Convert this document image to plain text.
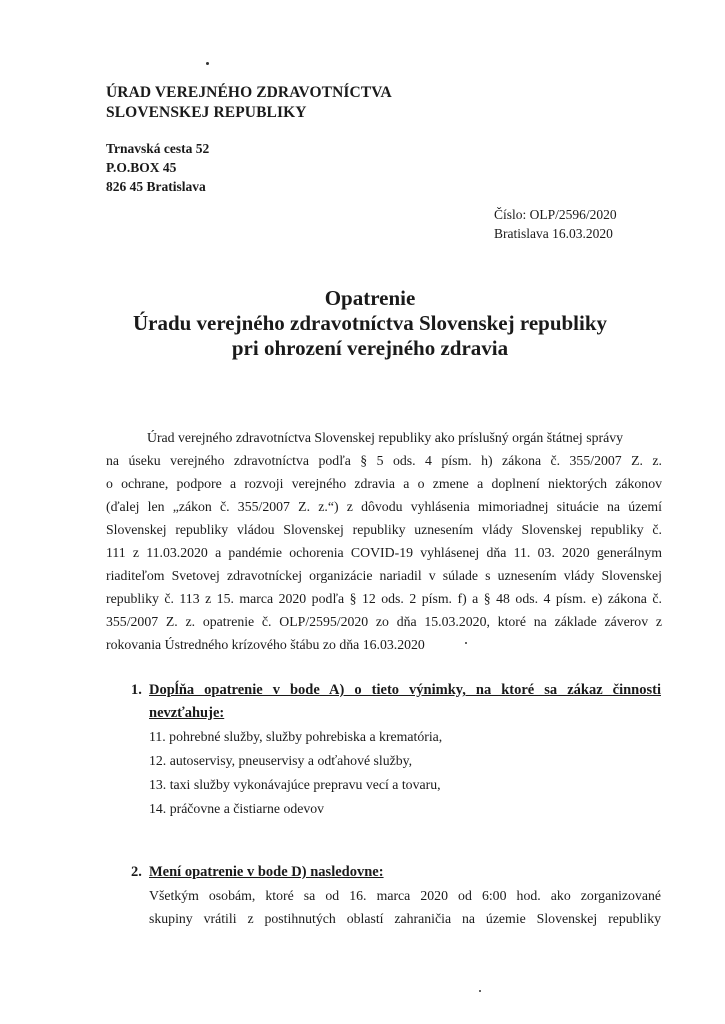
ÚRAD VEREJNÉHO ZDRAVOTNÍCTVA
SLOVENSKEJ REPUBLIKY
Trnavská cesta 52
P.O.BOX 45
826 45 Bratislava
Číslo: OLP/2596/2020
Bratislava 16.03.2020
Opatrenie
Úradu verejného zdravotníctva Slovenskej republiky
pri ohrození verejného zdravia
Úrad verejného zdravotníctva Slovenskej republiky ako príslušný orgán štátnej správy
na úseku verejného zdravotníctva podľa § 5 ods. 4 písm. h) zákona č. 355/2007 Z. z.
o ochrane, podpore a rozvoji verejného zdravia a o zmene a doplnení niektorých zákonov
(ďalej len „zákon č. 355/2007 Z. z.“) z dôvodu vyhlásenia mimoriadnej situácie na území
Slovenskej republiky vládou Slovenskej republiky uznesením vlády Slovenskej republiky č.
111 z 11.03.2020 a pandémie ochorenia COVID-19 vyhlásenej dňa 11. 03. 2020 generálnym
riaditeľom Svetovej zdravotníckej organizácie nariadil v súlade s uznesením vlády Slovenskej
republiky č. 113 z 15. marca 2020 podľa § 12 ods. 2 písm. f) a § 48 ods. 4 písm. e) zákona č.
355/2007 Z. z. opatrenie č. OLP/2595/2020 zo dňa 15.03.2020, ktoré na základe záverov z
rokovania Ústredného krízového štábu zo dňa 16.03.2020
1. Dopĺňa opatrenie v bode A) o tieto výnimky, na ktoré sa zákaz činnosti
nevzťahuje:
11. pohrebné služby, služby pohrebiska a krematória,
12. autoservisy, pneuservisy a odťahové služby,
13. taxi služby vykonávajúce prepravu vecí a tovaru,
14. práčovne a čistiarne odevov
2. Mení opatrenie v bode D) nasledovne:
Všetkým osobám, ktoré sa od 16. marca 2020 od 6:00 hod. ako zorganizované
skupiny vrátili z postihnutých oblastí zahraničia na územie Slovenskej republiky
